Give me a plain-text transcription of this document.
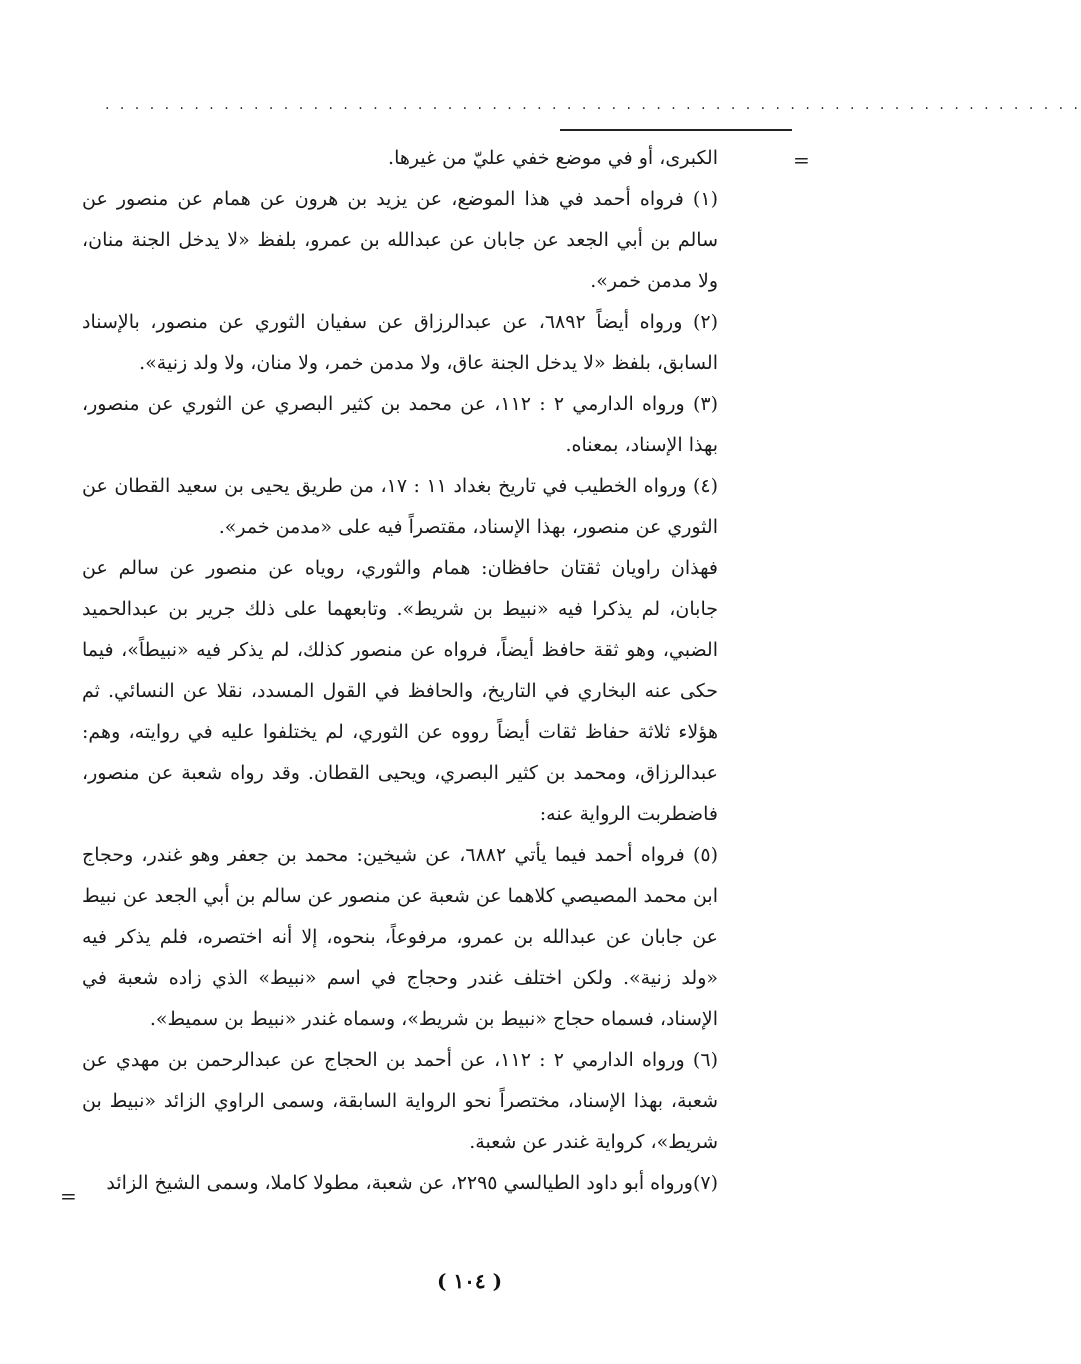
. . . . . . . . . . . . . . . . . . . . . . . . . . . . . . . . . . . . . . . . . . . . . . . . . . . . . . . . . . . . . . . . . .
=

الكبرى، أو في موضع خفي عليّ من غيرها.

(١) فرواه أحمد في هذا الموضع، عن يزيد بن هرون عن همام عن منصور عن سالم بن أبي الجعد عن جابان عن عبدالله بن عمرو، بلفظ «لا يدخل الجنة منان، ولا مدمن خمر».

(٢) ورواه أيضاً ٦٨٩٢، عن عبدالرزاق عن سفيان الثوري عن منصور، بالإسناد السابق، بلفظ «لا يدخل الجنة عاق، ولا مدمن خمر، ولا منان، ولا ولد زنية».

(٣) ورواه الدارمي ٢ : ١١٢، عن محمد بن كثير البصري عن الثوري عن منصور، بهذا الإسناد، بمعناه.

(٤) ورواه الخطيب في تاريخ بغداد ١١ : ١٧، من طريق يحيى بن سعيد القطان عن الثوري عن منصور، بهذا الإسناد، مقتصراً فيه على «مدمن خمر».

فهذان راويان ثقتان حافظان: همام والثوري، روياه عن منصور عن سالم عن جابان، لم يذكرا فيه «نبيط بن شريط». وتابعهما على ذلك جرير بن عبدالحميد الضبي، وهو ثقة حافظ أيضاً، فرواه عن منصور كذلك، لم يذكر فيه «نبيطاً»، فيما حكى عنه البخاري في التاريخ، والحافظ في القول المسدد، نقلا عن النسائي. ثم هؤلاء ثلاثة حفاظ ثقات أيضاً رووه عن الثوري، لم يختلفوا عليه في روايته، وهم: عبدالرزاق، ومحمد بن كثير البصري، ويحيى القطان. وقد رواه شعبة عن منصور، فاضطربت الرواية عنه:

(٥) فرواه أحمد فيما يأتي ٦٨٨٢، عن شيخين: محمد بن جعفر وهو غندر، وحجاج ابن محمد المصيصي كلاهما عن شعبة عن منصور عن سالم بن أبي الجعد عن نبيط عن جابان عن عبدالله بن عمرو، مرفوعاً، بنحوه، إلا أنه اختصره، فلم يذكر فيه «ولد زنية». ولكن اختلف غندر وحجاج في اسم «نبيط» الذي زاده شعبة في الإسناد، فسماه حجاج «نبيط بن شريط»، وسماه غندر «نبيط بن سميط».

(٦) ورواه الدارمي ٢ : ١١٢، عن أحمد بن الحجاج عن عبدالرحمن بن مهدي عن شعبة، بهذا الإسناد، مختصراً نحو الرواية السابقة، وسمى الراوي الزائد «نبيط بن شريط»، كرواية غندر عن شعبة.

(٧)ورواه أبو داود الطيالسي ٢٢٩٥، عن شعبة، مطولا كاملا، وسمى الشيخ الزائد

=
( ١٠٤ )
